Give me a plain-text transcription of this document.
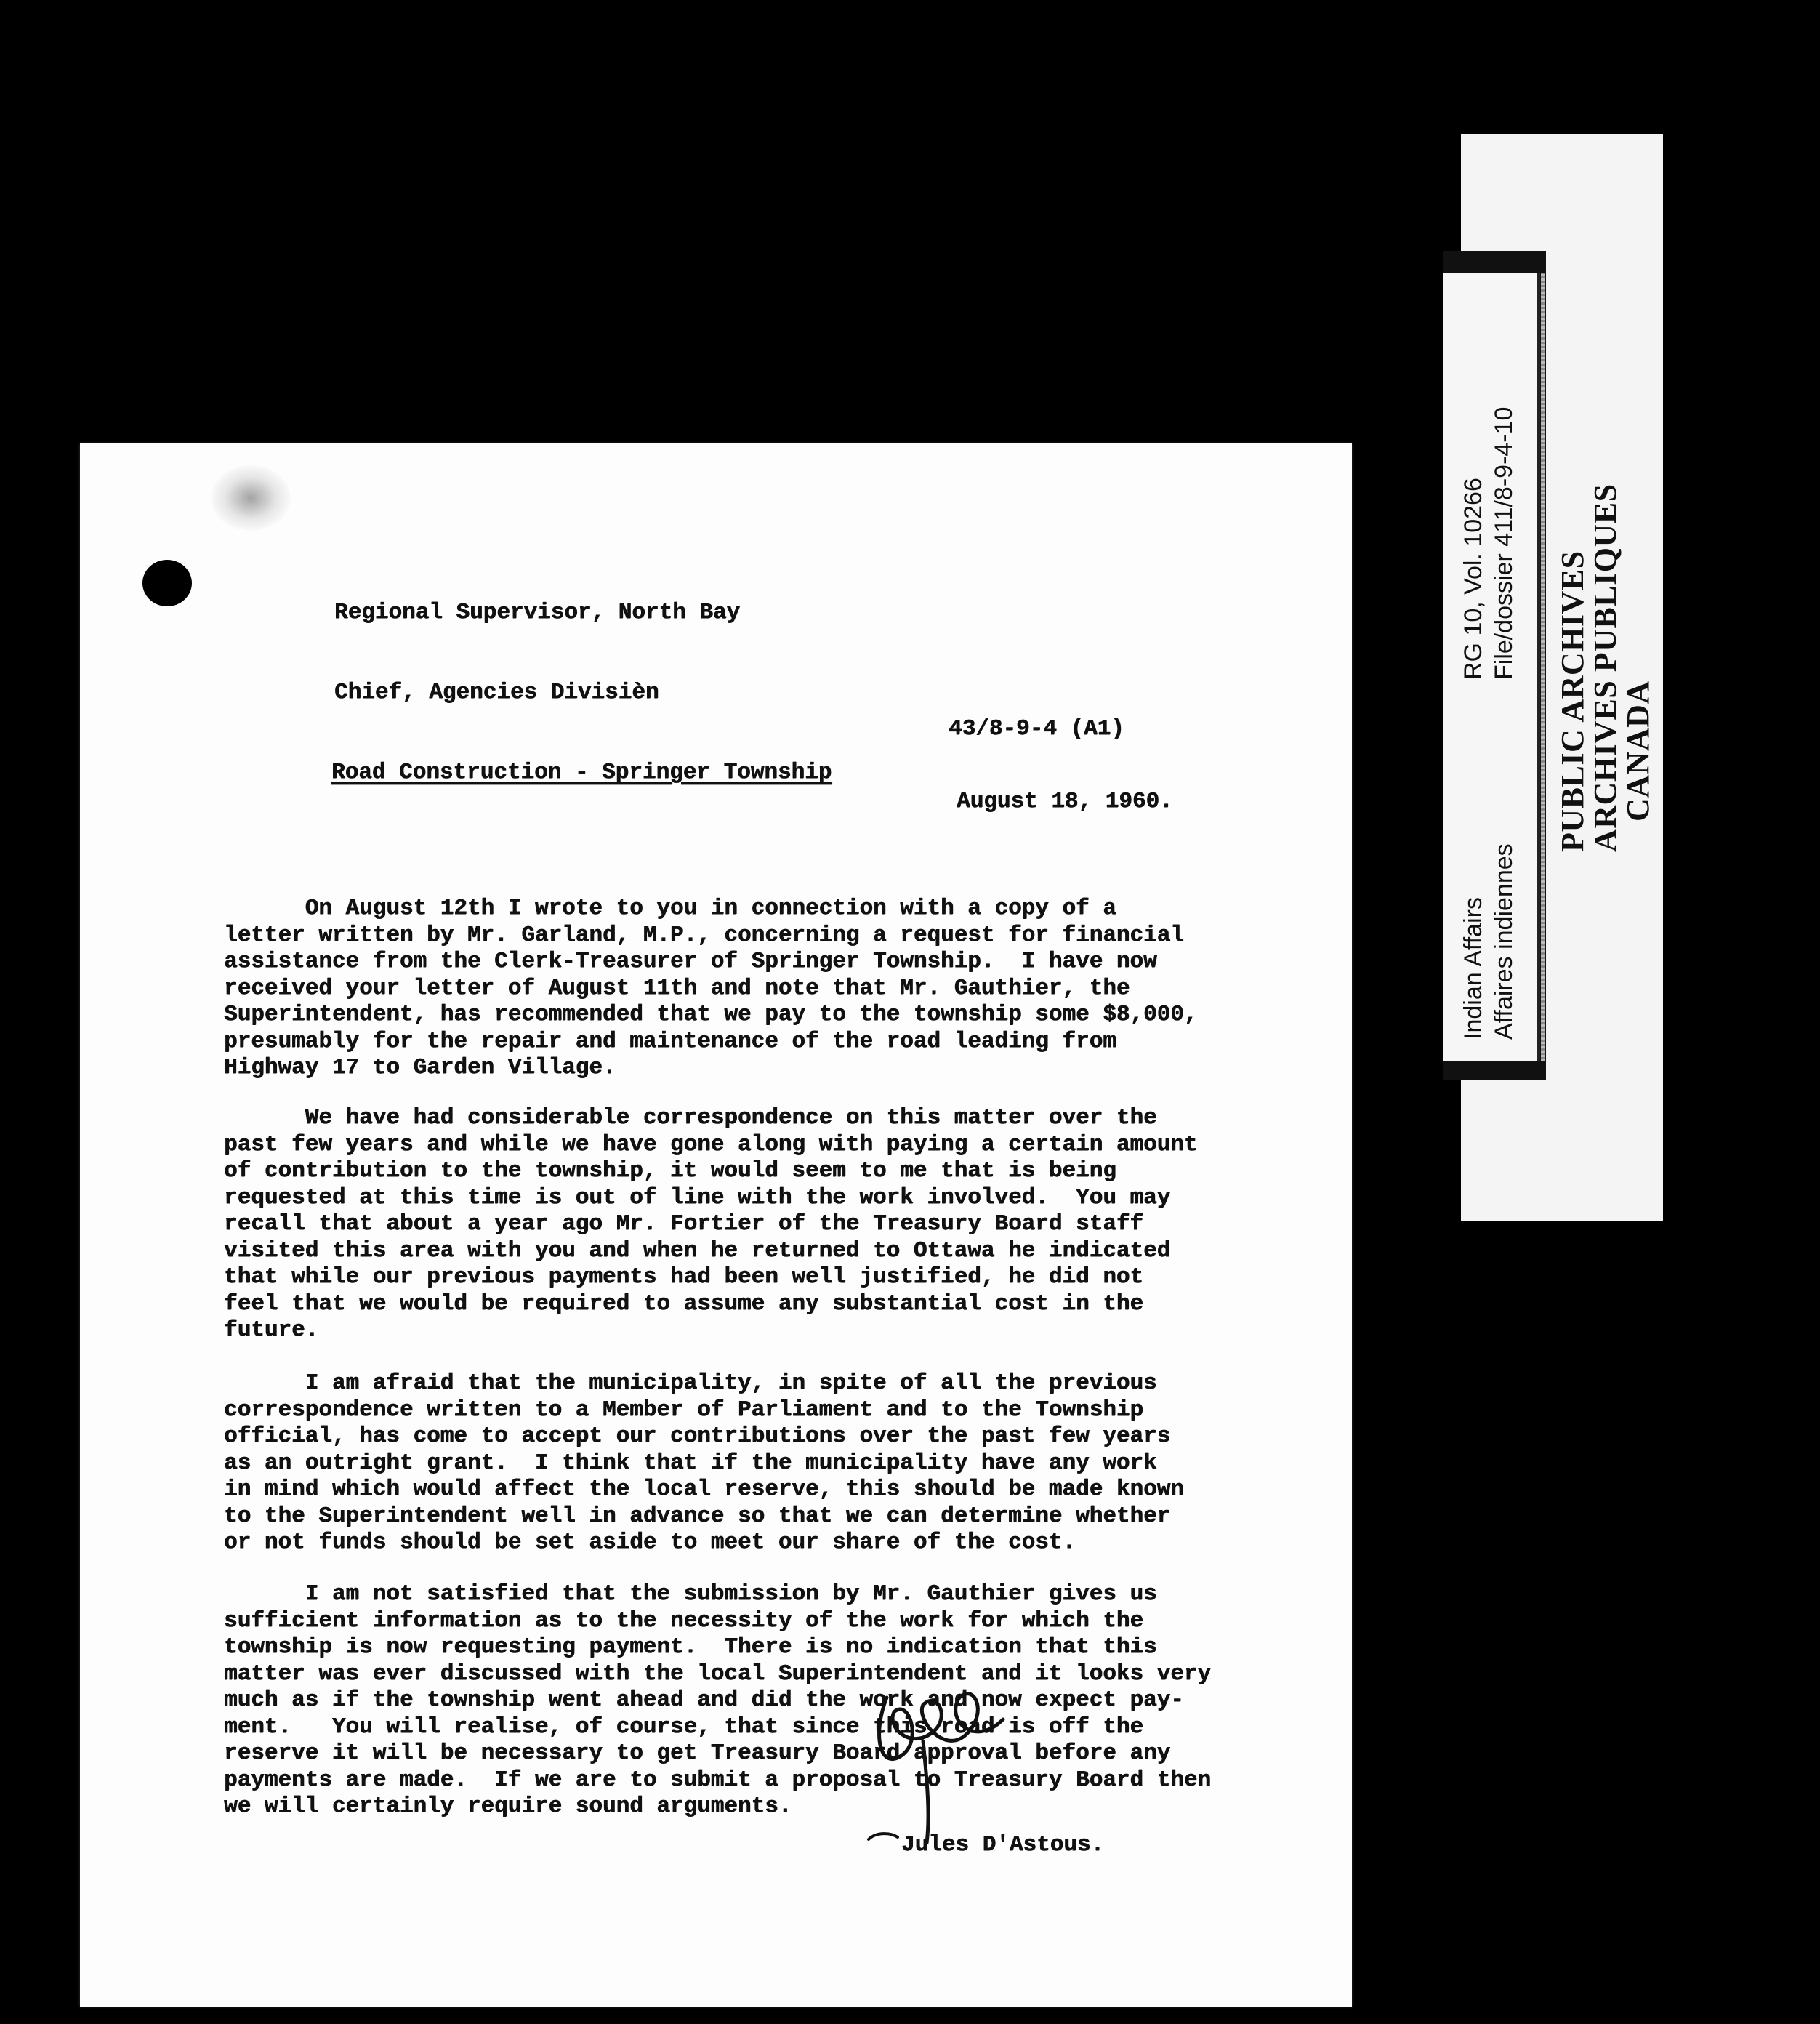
Regional Supervisor, North Bay
Chief, Agencies Divisièn
43/8-9-4 (A1)
Road Construction - Springer Township
August 18, 1960.
On August 12th I wrote to you in connection with a copy of a
letter written by Mr. Garland, M.P., concerning a request for financial
assistance from the Clerk-Treasurer of Springer Township.  I have now
received your letter of August 11th and note that Mr. Gauthier, the
Superintendent, has recommended that we pay to the township some $8,000,
presumably for the repair and maintenance of the road leading from
Highway 17 to Garden Village.
We have had considerable correspondence on this matter over the
past few years and while we have gone along with paying a certain amount
of contribution to the township, it would seem to me that is being
requested at this time is out of line with the work involved.  You may
recall that about a year ago Mr. Fortier of the Treasury Board staff
visited this area with you and when he returned to Ottawa he indicated
that while our previous payments had been well justified, he did not
feel that we would be required to assume any substantial cost in the
future.
I am afraid that the municipality, in spite of all the previous
correspondence written to a Member of Parliament and to the Township
official, has come to accept our contributions over the past few years
as an outright grant.  I think that if the municipality have any work
in mind which would affect the local reserve, this should be made known
to the Superintendent well in advance so that we can determine whether
or not funds should be set aside to meet our share of the cost.
I am not satisfied that the submission by Mr. Gauthier gives us
sufficient information as to the necessity of the work for which the
township is now requesting payment.  There is no indication that this
matter was ever discussed with the local Superintendent and it looks very
much as if the township went ahead and did the work and now expect pay-
ment.   You will realise, of course, that since this road is off the
reserve it will be necessary to get Treasury Board approval before any
payments are made.  If we are to submit a proposal to Treasury Board then
we will certainly require sound arguments.
Jules D'Astous.
PUBLIC ARCHIVES
ARCHIVES PUBLIQUES
CANADA
Indian Affairs Affaires indiennes
RG 10, Vol. 10266 File/dossier 411/8-9-4-10
